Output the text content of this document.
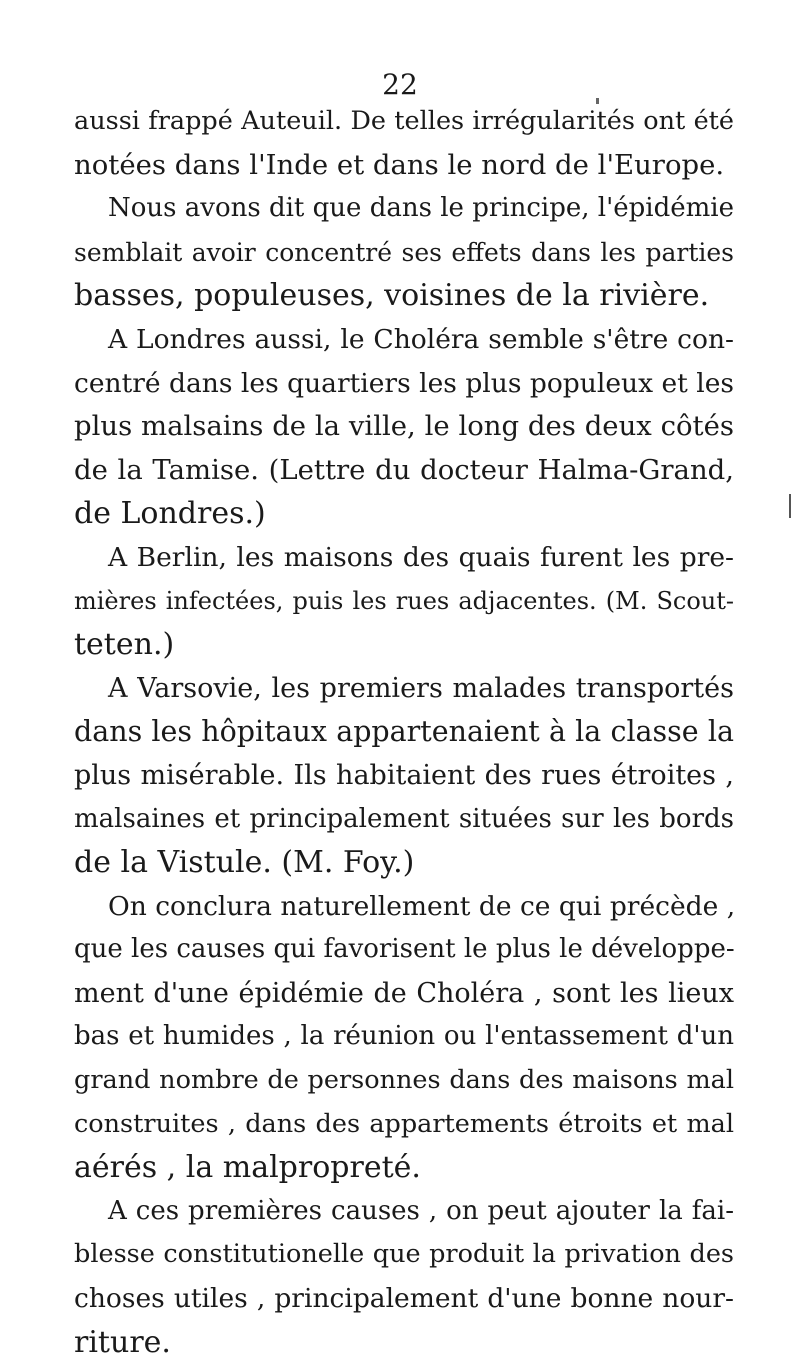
22
aussi frappé Auteuil. De telles irrégularités ont été
notées dans l'Inde et dans le nord de l'Europe.
Nous avons dit que dans le principe, l'épidémie
semblait avoir concentré ses effets dans les parties
basses, populeuses, voisines de la rivière.
A Londres aussi, le Choléra semble s'être con-
centré dans les quartiers les plus populeux et les
plus malsains de la ville, le long des deux côtés
de la Tamise. (Lettre du docteur Halma-Grand,
de Londres.)
A Berlin, les maisons des quais furent les pre-
mières infectées, puis les rues adjacentes. (M. Scout-
teten.)
A Varsovie, les premiers malades transportés
dans les hôpitaux appartenaient à la classe la
plus misérable. Ils habitaient des rues étroites ,
malsaines et principalement situées sur les bords
de la Vistule. (M. Foy.)
On conclura naturellement de ce qui précède ,
que les causes qui favorisent le plus le développe-
ment d'une épidémie de Choléra , sont les lieux
bas et humides , la réunion ou l'entassement d'un
grand nombre de personnes dans des maisons mal
construites , dans des appartements étroits et mal
aérés , la malpropreté.
A ces premières causes , on peut ajouter la fai-
blesse constitutionelle que produit la privation des
choses utiles , principalement d'une bonne nour-
riture.
